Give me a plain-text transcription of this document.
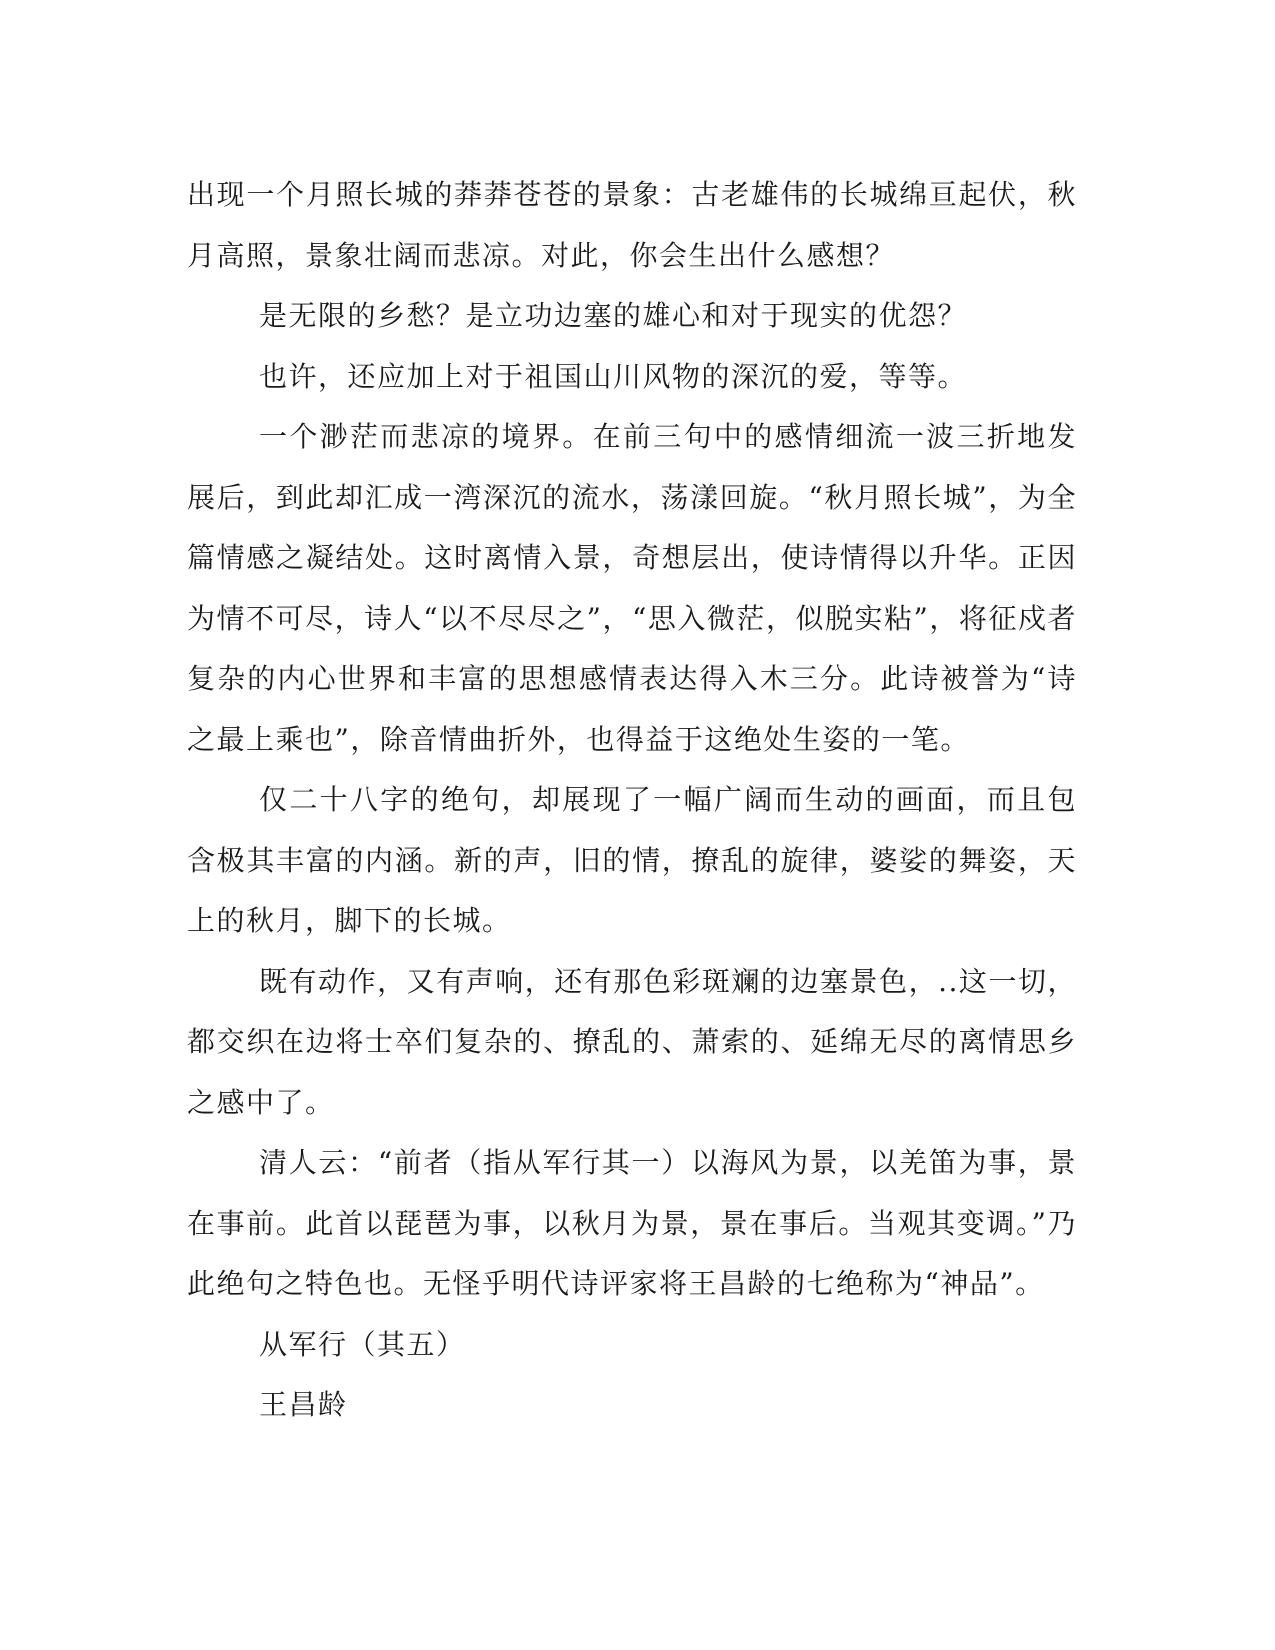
出现一个月照长城的莽莽苍苍的景象：古老雄伟的长城绵亘起伏，秋月高照，景象壮阔而悲凉。对此，你会生出什么感想？

是无限的乡愁？是立功边塞的雄心和对于现实的优怨？

也许，还应加上对于祖国山川风物的深沉的爱，等等。

一个渺茫而悲凉的境界。在前三句中的感情细流一波三折地发展后，到此却汇成一湾深沉的流水，荡漾回旋。“秋月照长城”，为全篇情感之凝结处。这时离情入景，奇想层出，使诗情得以升华。正因为情不可尽，诗人“以不尽尽之”，“思入微茫，似脱实粘”，将征戍者复杂的内心世界和丰富的思想感情表达得入木三分。此诗被誉为“诗之最上乘也”，除音情曲折外，也得益于这绝处生姿的一笔。

仅二十八字的绝句，却展现了一幅广阔而生动的画面，而且包含极其丰富的内涵。新的声，旧的情，撩乱的旋律，婆娑的舞姿，天上的秋月，脚下的长城。

既有动作，又有声响，还有那色彩斑斓的边塞景色，..这一切，都交织在边将士卒们复杂的、撩乱的、萧索的、延绵无尽的离情思乡之感中了。

清人云：“前者（指从军行其一）以海风为景，以羌笛为事，景在事前。此首以琵琶为事，以秋月为景，景在事后。当观其变调。”乃此绝句之特色也。无怪乎明代诗评家将王昌龄的七绝称为“神品”。

从军行（其五）

王昌龄
